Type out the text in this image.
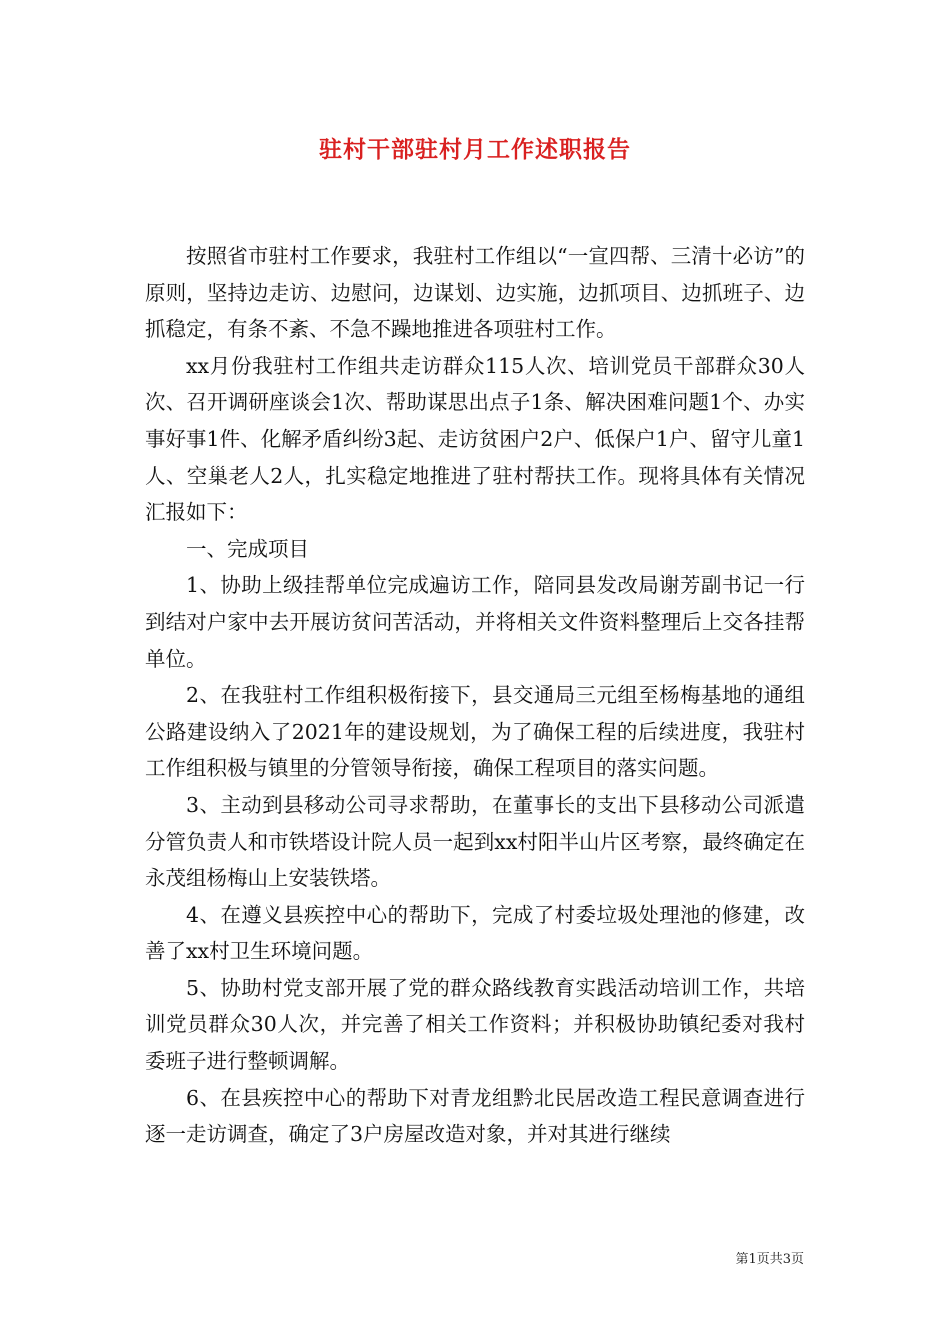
驻村干部驻村月工作述职报告

按照省市驻村工作要求，我驻村工作组以“一宣四帮、三清十必访”的原则，坚持边走访、边慰问，边谋划、边实施，边抓项目、边抓班子、边抓稳定，有条不紊、不急不躁地推进各项驻村工作。

xx月份我驻村工作组共走访群众115人次、培训党员干部群众30人次、召开调研座谈会1次、帮助谋思出点子1条、解决困难问题1个、办实事好事1件、化解矛盾纠纷3起、走访贫困户2户、低保户1户、留守儿童1人、空巢老人2人，扎实稳定地推进了驻村帮扶工作。现将具体有关情况汇报如下：

一、完成项目

1、协助上级挂帮单位完成遍访工作，陪同县发改局谢芳副书记一行到结对户家中去开展访贫问苦活动，并将相关文件资料整理后上交各挂帮单位。

2、在我驻村工作组积极衔接下，县交通局三元组至杨梅基地的通组公路建设纳入了2021年的建设规划，为了确保工程的后续进度，我驻村工作组积极与镇里的分管领导衔接，确保工程项目的落实问题。

3、主动到县移动公司寻求帮助，在董事长的支出下县移动公司派遣分管负责人和市铁塔设计院人员一起到xx村阳半山片区考察，最终确定在永茂组杨梅山上安装铁塔。

4、在遵义县疾控中心的帮助下，完成了村委垃圾处理池的修建，改善了xx村卫生环境问题。

5、协助村党支部开展了党的群众路线教育实践活动培训工作，共培训党员群众30人次，并完善了相关工作资料；并积极协助镇纪委对我村委班子进行整顿调解。

6、在县疾控中心的帮助下对青龙组黔北民居改造工程民意调查进行逐一走访调查，确定了3户房屋改造对象，并对其进行继续

第1页共3页
